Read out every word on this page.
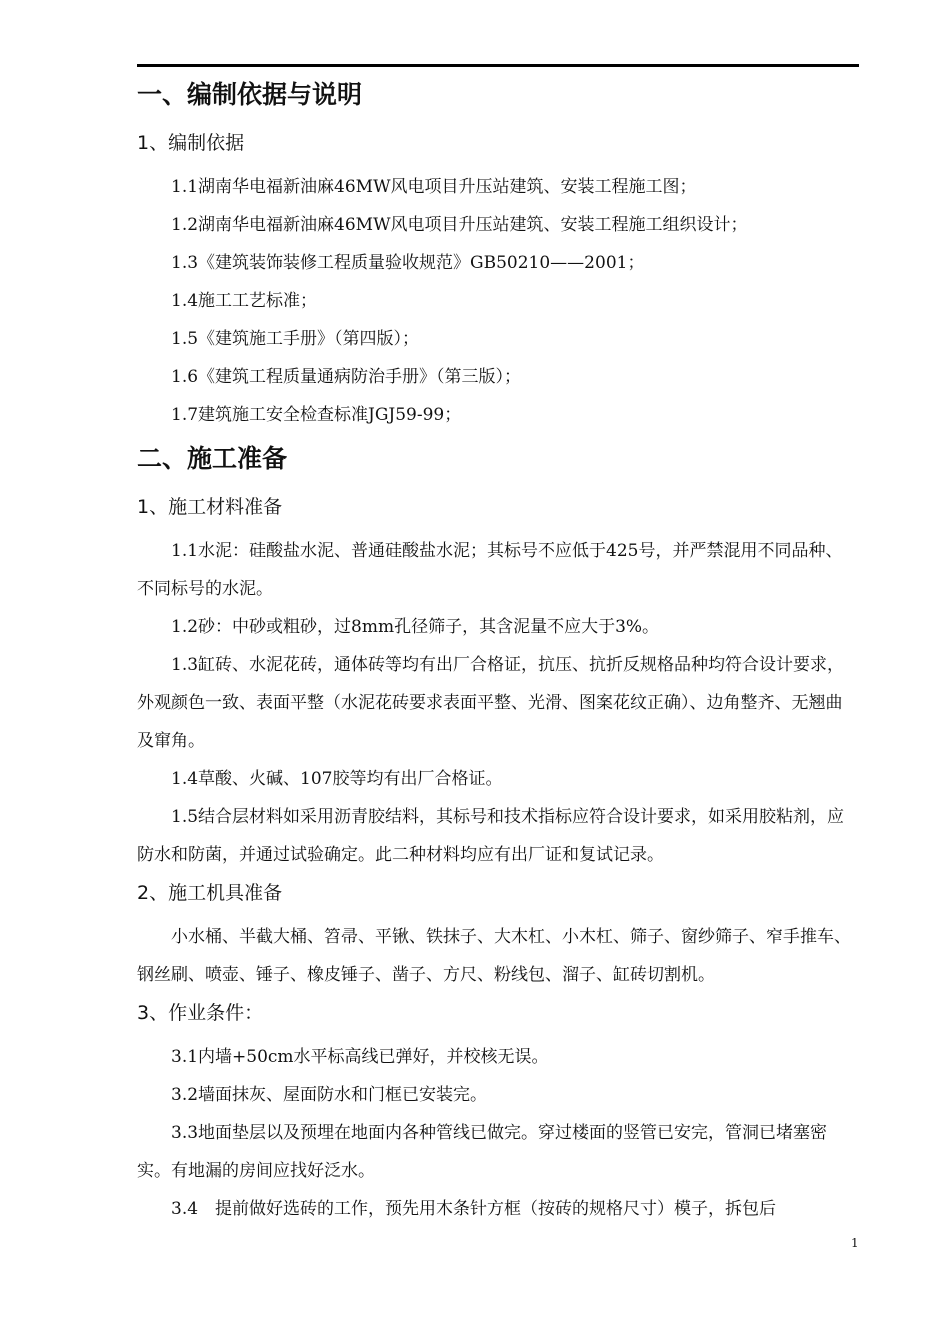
一、编制依据与说明
1、编制依据

1.1湖南华电福新油麻46MW风电项目升压站建筑、安装工程施工图；

1.2湖南华电福新油麻46MW风电项目升压站建筑、安装工程施工组织设计；

1.3《建筑装饰装修工程质量验收规范》GB50210——2001；

1.4施工工艺标准；

1.5《建筑施工手册》（第四版）；

1.6《建筑工程质量通病防治手册》（第三版）；

1.7建筑施工安全检查标准JGJ59-99；

二、施工准备
1、施工材料准备

1.1水泥：硅酸盐水泥、普通硅酸盐水泥；其标号不应低于425号，并严禁混用不同品种、不同标号的水泥。

1.2砂：中砂或粗砂，过8mm孔径筛子，其含泥量不应大于3%。

1.3缸砖、水泥花砖，通体砖等均有出厂合格证，抗压、抗折反规格品种均符合设计要求，外观颜色一致、表面平整（水泥花砖要求表面平整、光滑、图案花纹正确）、边角整齐、无翘曲及窜角。

1.4草酸、火碱、107胶等均有出厂合格证。

1.5结合层材料如采用沥青胶结料，其标号和技术指标应符合设计要求，如采用胶粘剂，应防水和防菌，并通过试验确定。此二种材料均应有出厂证和复试记录。

2、施工机具准备

小水桶、半截大桶、笤帚、平锹、铁抹子、大木杠、小木杠、筛子、窗纱筛子、窄手推车、钢丝刷、喷壶、锤子、橡皮锤子、凿子、方尺、粉线包、溜子、缸砖切割机。

3、作业条件：

3.1内墙+50cm水平标高线已弹好，并校核无误。

3.2墙面抹灰、屋面防水和门框已安装完。

3.3地面垫层以及预埋在地面内各种管线已做完。穿过楼面的竖管已安完，管洞已堵塞密实。有地漏的房间应找好泛水。

3.4　提前做好选砖的工作，预先用木条针方框（按砖的规格尺寸）模子，拆包后

1
